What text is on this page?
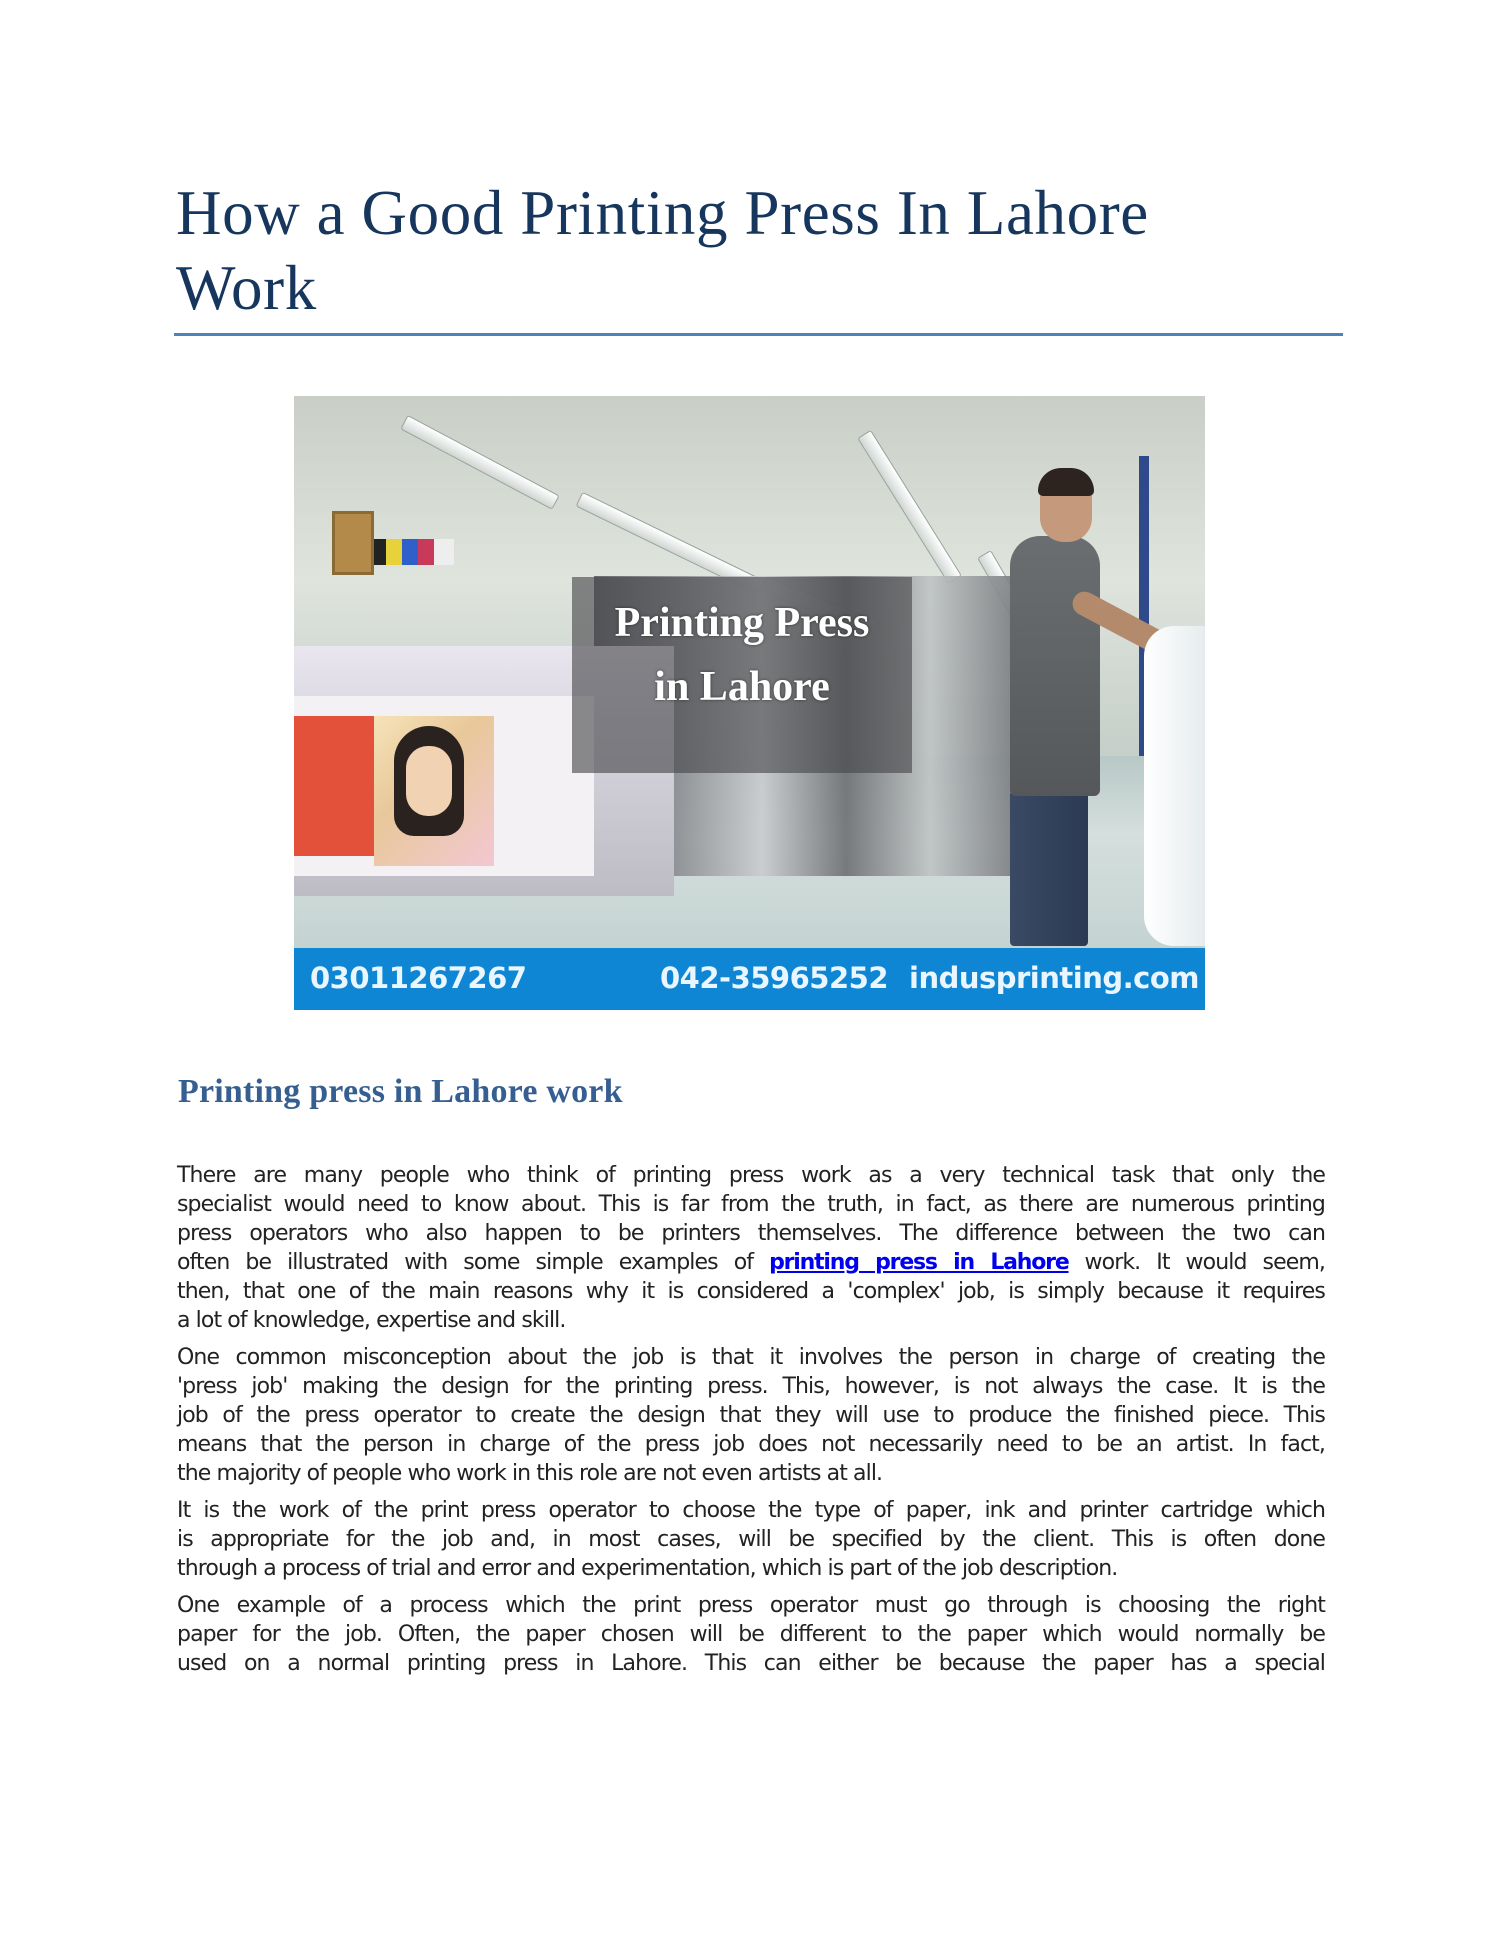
How a Good Printing Press In Lahore
Work
Printing Press
in Lahore
03011267267	042-35965252 indusprinting.com
Printing press in Lahore work

There are many people who think of printing press work as a very technical task that only the
specialist would need to know about. This is far from the truth, in fact, as there are numerous printing
press operators who also happen to be printers themselves. The difference between the two can
often be illustrated with some simple examples of printing press in Lahore work. It would seem,
then, that one of the main reasons why it is considered a 'complex' job, is simply because it requires
a lot of knowledge, expertise and skill.

One common misconception about the job is that it involves the person in charge of creating the
'press job' making the design for the printing press. This, however, is not always the case. It is the
job of the press operator to create the design that they will use to produce the finished piece. This
means that the person in charge of the press job does not necessarily need to be an artist. In fact,
the majority of people who work in this role are not even artists at all.

It is the work of the print press operator to choose the type of paper, ink and printer cartridge which
is appropriate for the job and, in most cases, will be specified by the client. This is often done
through a process of trial and error and experimentation, which is part of the job description.

One example of a process which the print press operator must go through is choosing the right
paper for the job. Often, the paper chosen will be different to the paper which would normally be
used on a normal printing press in Lahore. This can either be because the paper has a special
